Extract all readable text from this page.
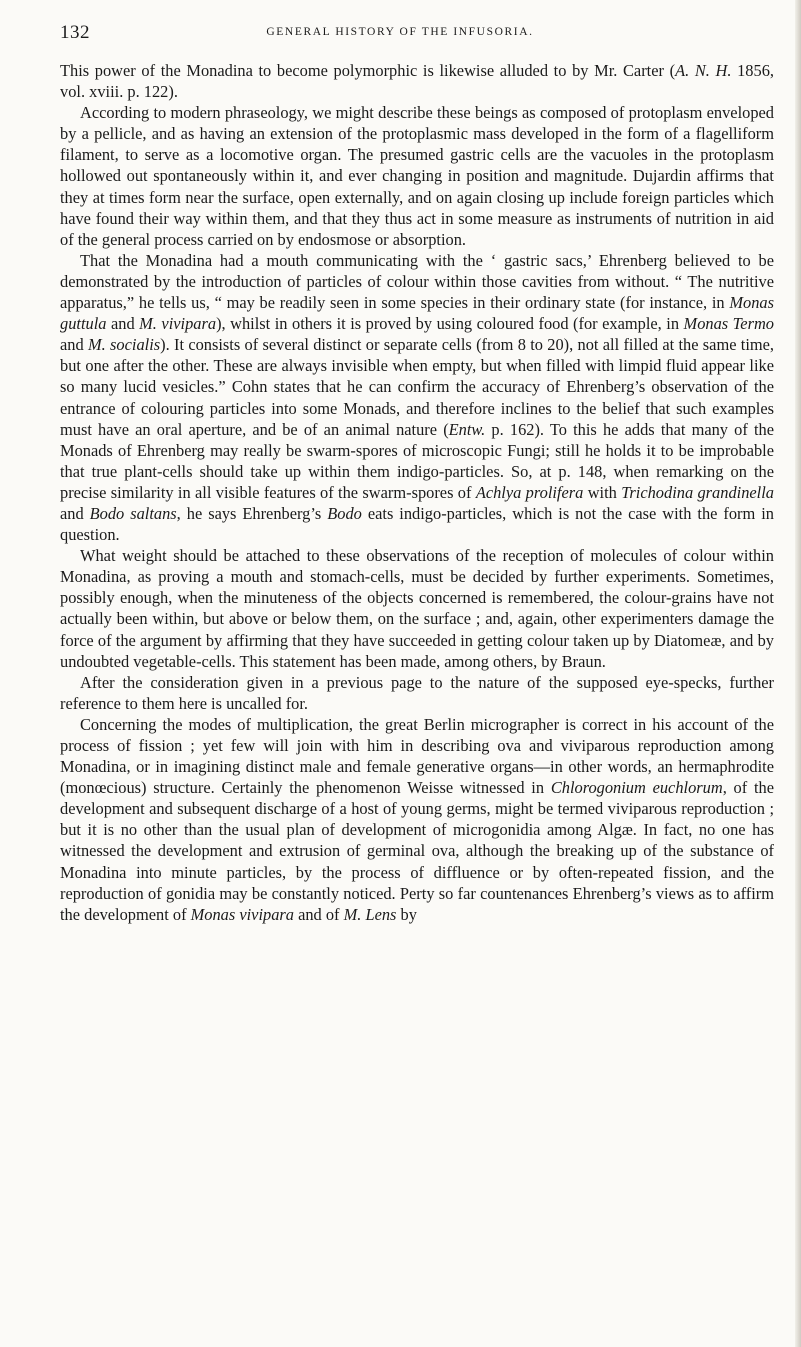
132	GENERAL HISTORY OF THE INFUSORIA.

This power of the Monadina to become polymorphic is likewise alluded to by Mr. Carter (A. N. H. 1856, vol. xviii. p. 122).

According to modern phraseology, we might describe these beings as composed of protoplasm enveloped by a pellicle, and as having an extension of the protoplasmic mass developed in the form of a flagelliform filament, to serve as a locomotive organ. The presumed gastric cells are the vacuoles in the protoplasm hollowed out spontaneously within it, and ever changing in position and magnitude. Dujardin affirms that they at times form near the surface, open externally, and on again closing up include foreign particles which have found their way within them, and that they thus act in some measure as instruments of nutrition in aid of the general process carried on by endosmose or absorption.

That the Monadina had a mouth communicating with the ‘ gastric sacs,’ Ehrenberg believed to be demonstrated by the introduction of particles of colour within those cavities from without. “ The nutritive apparatus,” he tells us, “ may be readily seen in some species in their ordinary state (for instance, in Monas guttula and M. vivipara), whilst in others it is proved by using coloured food (for example, in Monas Termo and M. socialis). It consists of several distinct or separate cells (from 8 to 20), not all filled at the same time, but one after the other. These are always invisible when empty, but when filled with limpid fluid appear like so many lucid vesicles.” Cohn states that he can confirm the accuracy of Ehrenberg’s observation of the entrance of colouring particles into some Monads, and therefore inclines to the belief that such examples must have an oral aperture, and be of an animal nature (Entw. p. 162). To this he adds that many of the Monads of Ehrenberg may really be swarm-spores of microscopic Fungi; still he holds it to be improbable that true plant-cells should take up within them indigo-particles. So, at p. 148, when remarking on the precise similarity in all visible features of the swarm-spores of Achlya prolifera with Trichodina grandinella and Bodo saltans, he says Ehrenberg’s Bodo eats indigo-particles, which is not the case with the form in question.

What weight should be attached to these observations of the reception of molecules of colour within Monadina, as proving a mouth and stomach-cells, must be decided by further experiments. Sometimes, possibly enough, when the minuteness of the objects concerned is remembered, the colour-grains have not actually been within, but above or below them, on the surface ; and, again, other experimenters damage the force of the argument by affirming that they have succeeded in getting colour taken up by Diatomeæ, and by undoubted vegetable-cells. This statement has been made, among others, by Braun.

After the consideration given in a previous page to the nature of the supposed eye-specks, further reference to them here is uncalled for.

Concerning the modes of multiplication, the great Berlin micrographer is correct in his account of the process of fission ; yet few will join with him in describing ova and viviparous reproduction among Monadina, or in imagining distinct male and female generative organs—in other words, an hermaphrodite (monœcious) structure. Certainly the phenomenon Weisse witnessed in Chlorogonium euchlorum, of the development and subsequent discharge of a host of young germs, might be termed viviparous reproduction ; but it is no other than the usual plan of development of microgonidia among Algæ. In fact, no one has witnessed the development and extrusion of germinal ova, although the breaking up of the substance of Monadina into minute particles, by the process of diffluence or by often-repeated fission, and the reproduction of gonidia may be constantly noticed. Perty so far countenances Ehrenberg’s views as to affirm the development of Monas vivipara and of M. Lens by
